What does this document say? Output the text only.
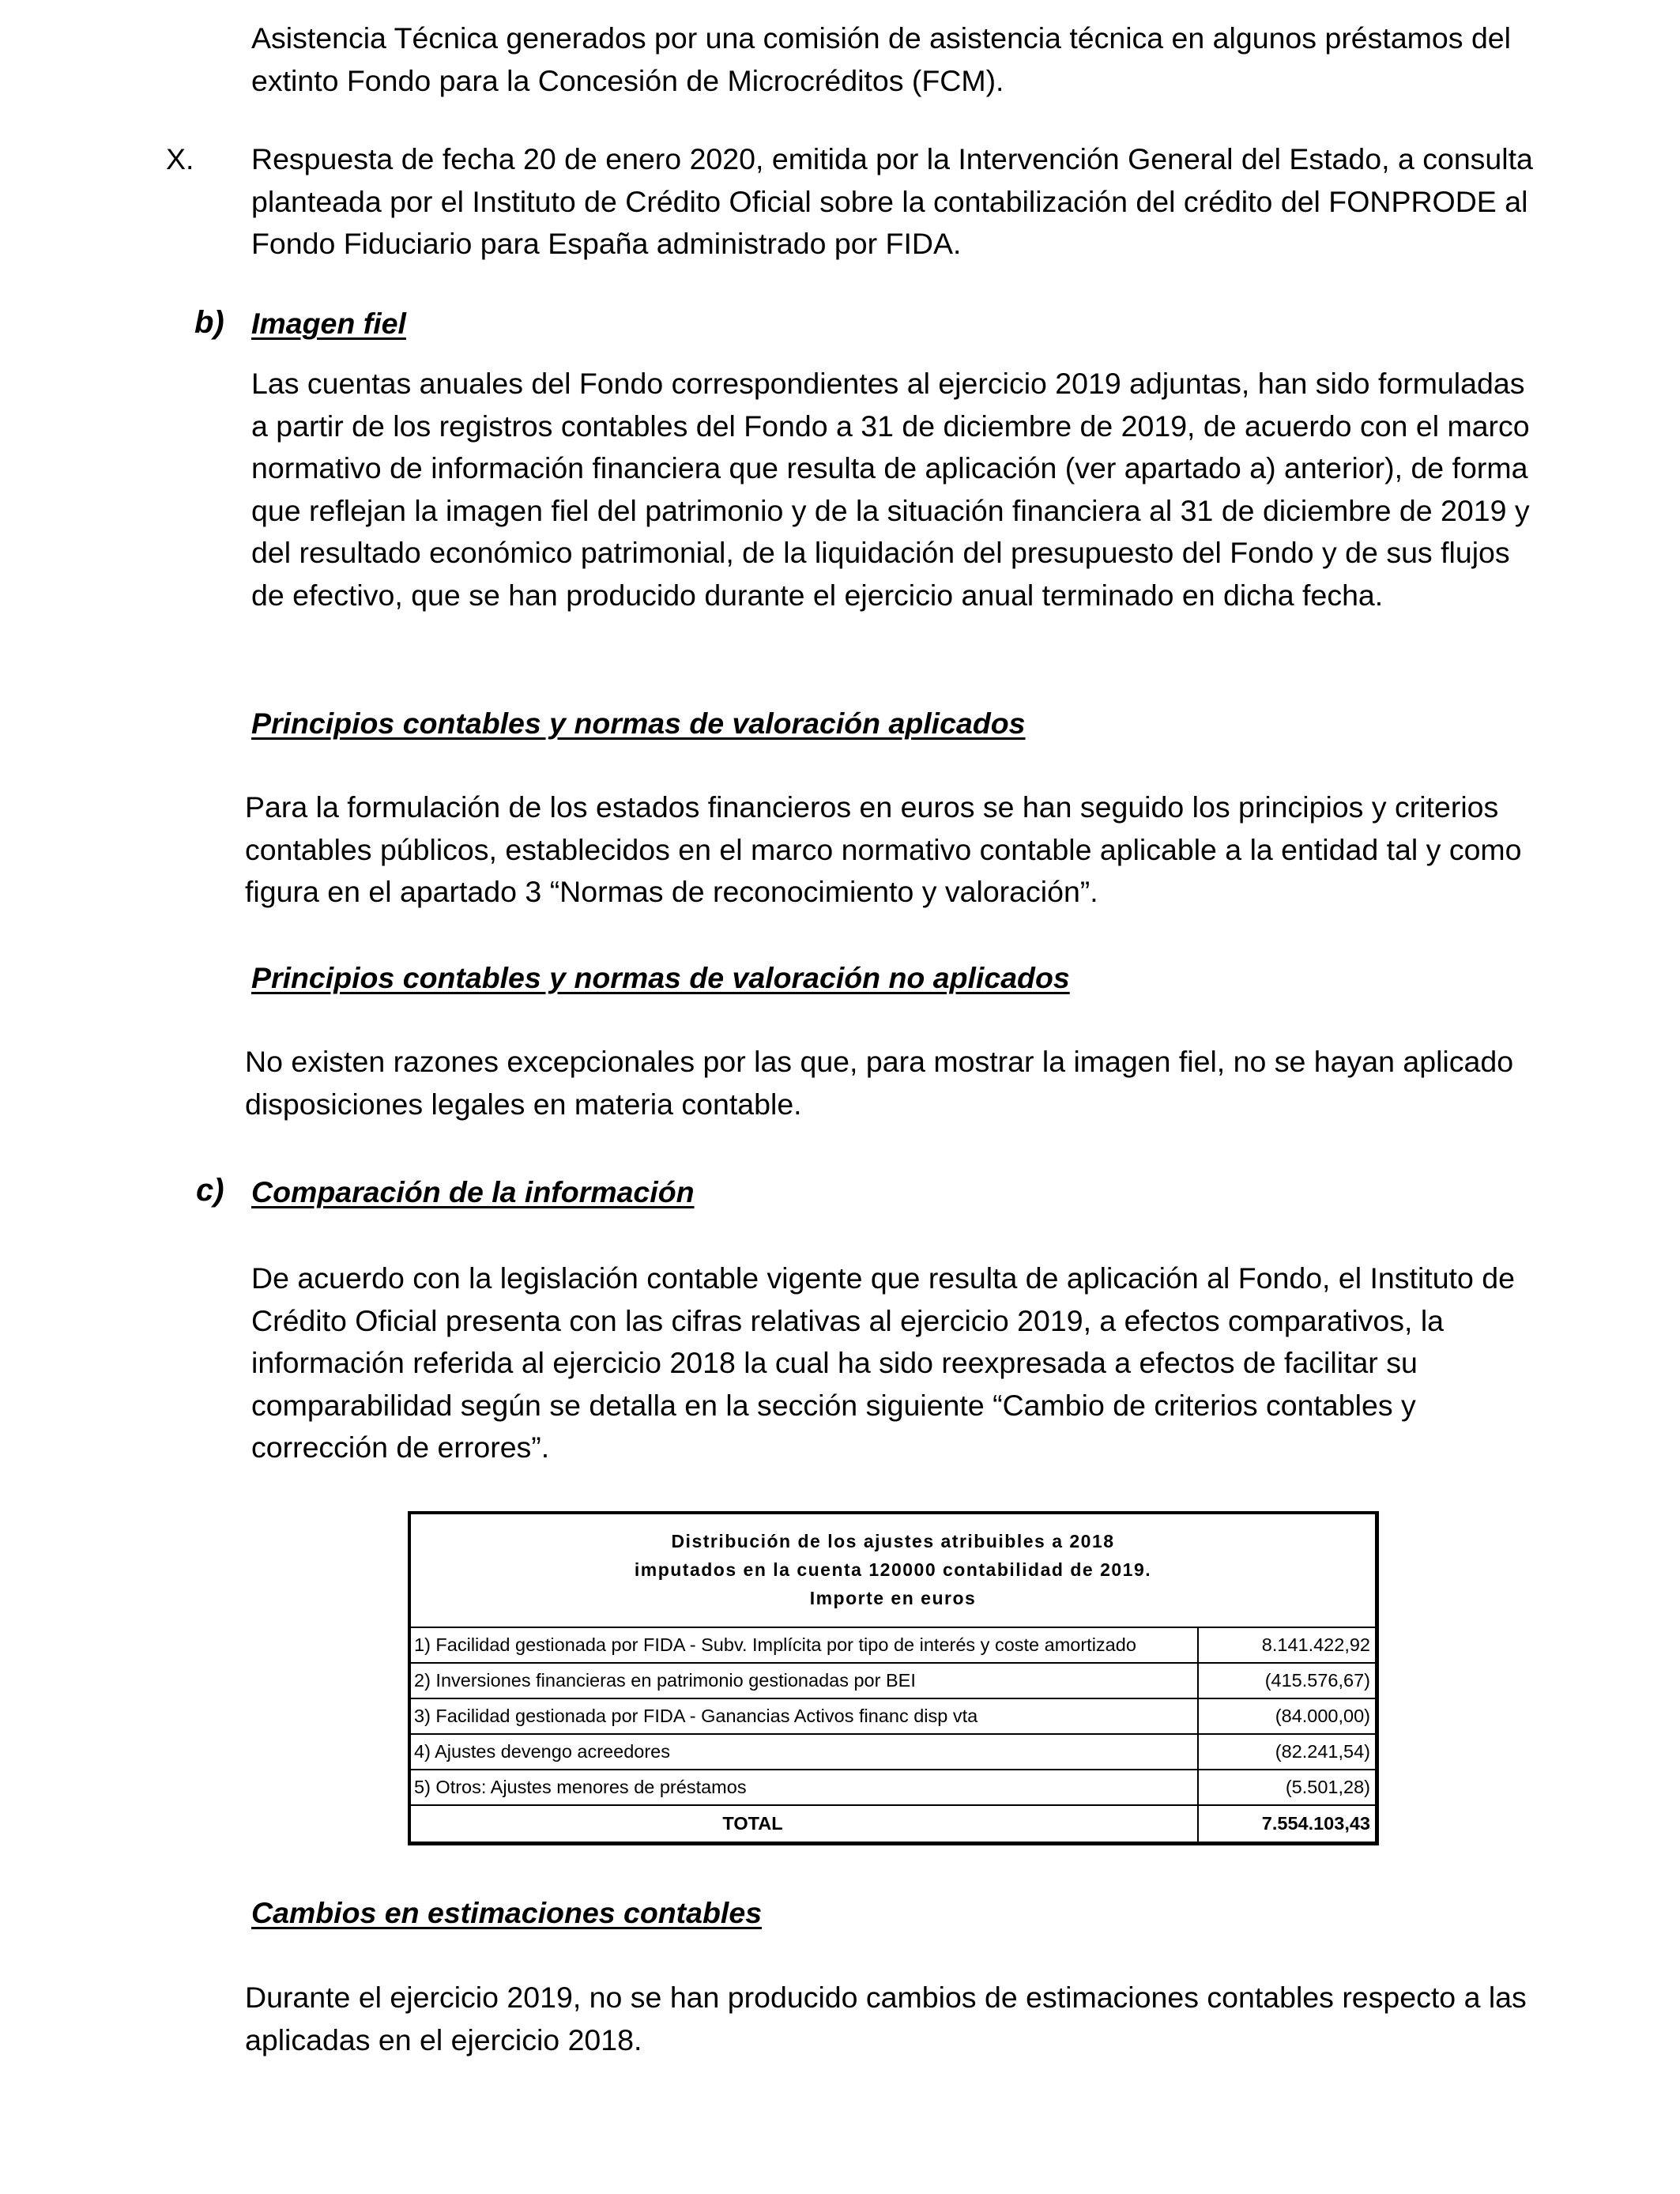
Asistencia Técnica generados por una comisión de asistencia técnica en algunos préstamos del extinto Fondo para la Concesión de Microcréditos (FCM).

X. Respuesta de fecha 20 de enero 2020, emitida por la Intervención General del Estado, a consulta planteada por el Instituto de Crédito Oficial sobre la contabilización del crédito del FONPRODE al Fondo Fiduciario para España administrado por FIDA.

b) Imagen fiel

Las cuentas anuales del Fondo correspondientes al ejercicio 2019 adjuntas, han sido formuladas a partir de los registros contables del Fondo a 31 de diciembre de 2019, de acuerdo con el marco normativo de información financiera que resulta de aplicación (ver apartado a) anterior), de forma que reflejan la imagen fiel del patrimonio y de la situación financiera al 31 de diciembre de 2019 y del resultado económico patrimonial, de la liquidación del presupuesto del Fondo y de sus flujos de efectivo, que se han producido durante el ejercicio anual terminado en dicha fecha.

Principios contables y normas de valoración aplicados

Para la formulación de los estados financieros en euros se han seguido los principios y criterios contables públicos, establecidos en el marco normativo contable aplicable a la entidad tal y como figura en el apartado 3 “Normas de reconocimiento y valoración”.

Principios contables y normas de valoración no aplicados

No existen razones excepcionales por las que, para mostrar la imagen fiel, no se hayan aplicado disposiciones legales en materia contable.

c) Comparación de la información

De acuerdo con la legislación contable vigente que resulta de aplicación al Fondo, el Instituto de Crédito Oficial presenta con las cifras relativas al ejercicio 2019, a efectos comparativos, la información referida al ejercicio 2018 la cual ha sido reexpresada a efectos de facilitar su comparabilidad según se detalla en la sección siguiente “Cambio de criterios contables y corrección de errores”.

Distribución de los ajustes atribuibles a 2018
imputados en la cuenta 120000 contabilidad de 2019.
Importe en euros
1) Facilidad gestionada por FIDA - Subv. Implícita por tipo de interés y coste amortizado	8.141.422,92
2) Inversiones financieras en patrimonio gestionadas por BEI	(415.576,67)
3) Facilidad gestionada por FIDA - Ganancias Activos financ disp vta	(84.000,00)
4) Ajustes devengo acreedores	(82.241,54)
5) Otros: Ajustes menores de préstamos	(5.501,28)
TOTAL	7.554.103,43
Cambios en estimaciones contables

Durante el ejercicio 2019, no se han producido cambios de estimaciones contables respecto a las aplicadas en el ejercicio 2018.
